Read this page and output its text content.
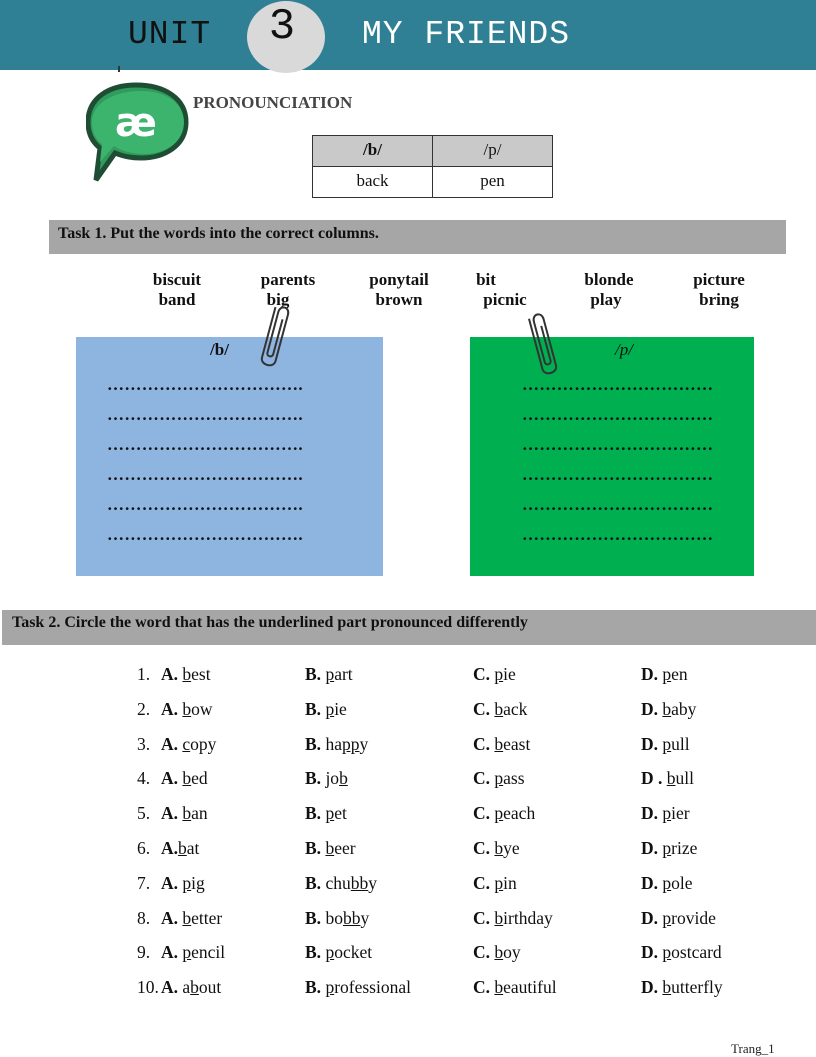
UNIT	3	MY FRIENDS
æ	PRONOUNCIATION
/b/	/p/
back	pen
Task 1. Put the words into the correct columns.
biscuit	parents	ponytail	bit	blonde	picture
band	big	brown	picnic	play	bring
/b/
…………………………….
…………………………….
…………………………….
…………………………….
…………………………….
…………………………….
/p/
……………………………
……………………………
……………………………
……………………………
……………………………
……………………………
Task 2. Circle the word that has the underlined part pronounced differently
1. A. best	B. part	C. pie	D. pen
2. A. bow	B. pie	C. back	D. baby
3. A. copy	B. happy	C. beast	D. pull
4. A. bed	B. job	C. pass	D . bull
5. A. ban	B. pet	C. peach	D. pier
6. A.bat	B. beer	C. bye	D. prize
7. A. pig	B. chubby	C. pin	D. pole
8. A. better	B. bobby	C. birthday	D. provide
9. A. pencil	B. pocket	C. boy	D. postcard
10. A. about	B. professional	C. beautiful	D. butterfly
Trang_1
